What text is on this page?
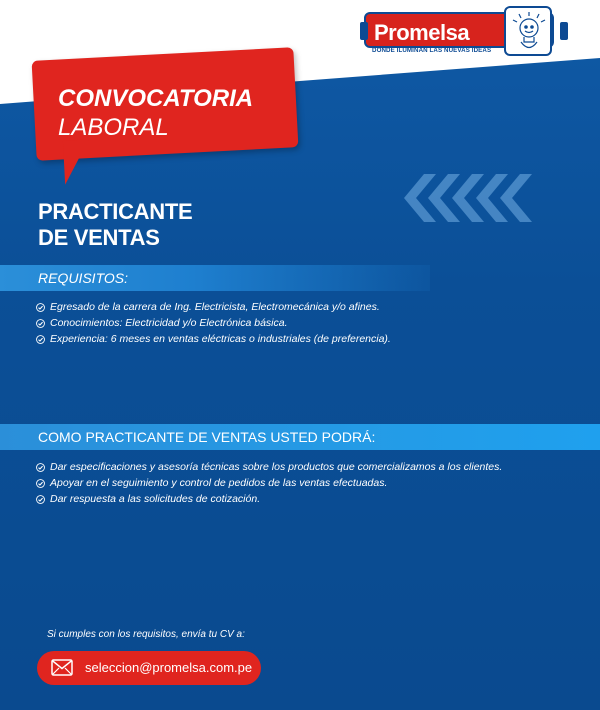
Promelsa
DONDE ILUMINAN LAS NUEVAS IDEAS
CONVOCATORIA
LABORAL
PRACTICANTE
DE VENTAS
REQUISITOS:
Egresado de la carrera de Ing. Electricista, Electromecánica y/o afines.
Conocimientos: Electricidad y/o Electrónica básica.
Experiencia: 6 meses en ventas eléctricas o industriales (de preferencia).
COMO PRACTICANTE DE VENTAS USTED PODRÁ:
Dar especificaciones y asesoría técnicas sobre los productos que comercializamos a los clientes.
Apoyar en el seguimiento y control de pedidos de las ventas efectuadas.
Dar respuesta a las solicitudes de cotización.
Si cumples con los requisitos, envía tu CV a:
seleccion@promelsa.com.pe
